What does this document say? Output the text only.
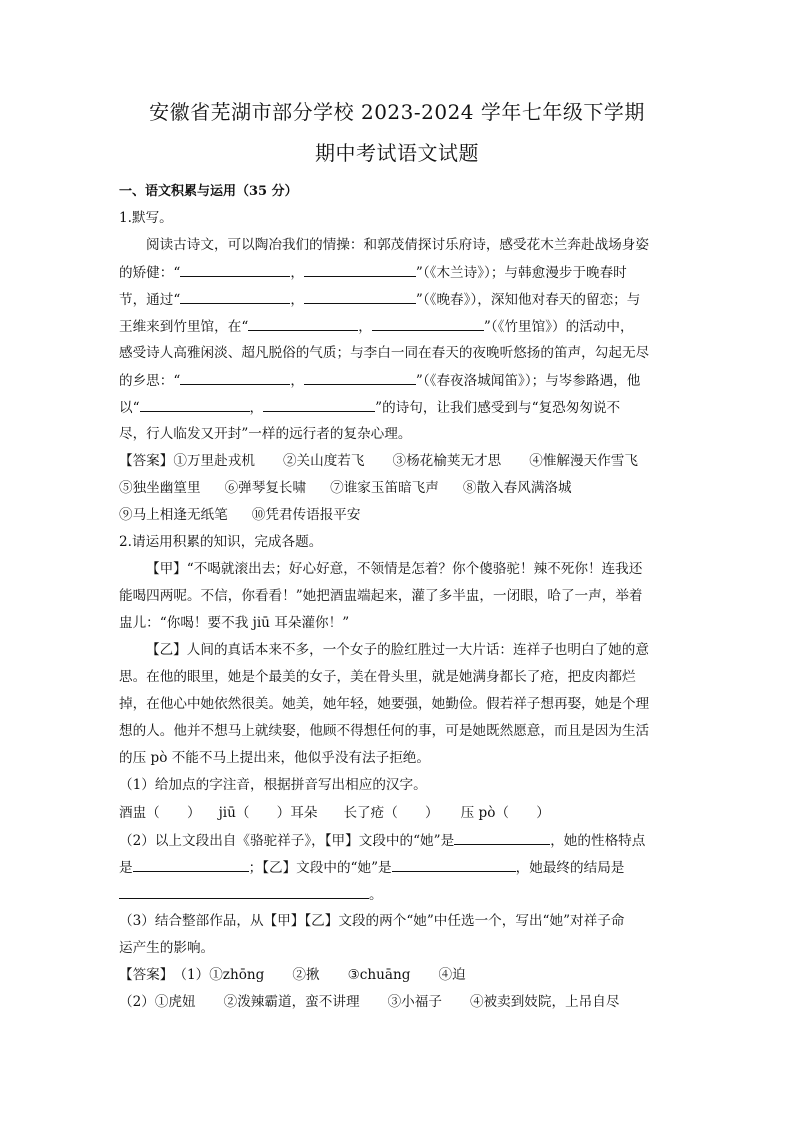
安徽省芜湖市部分学校 2023-2024 学年七年级下学期
期中考试语文试题
一、语文积累与运用（35 分）
1.默写。
阅读古诗文，可以陶冶我们的情操：和郭茂倩探讨乐府诗，感受花木兰奔赴战场身姿
的矫健：“	，	”（《木兰诗》）；与韩愈漫步于晚春时
节，通过“	，	”（《晚春》），深知他对春天的留恋；与
王维来到竹里馆，在“	，	”（《竹里馆》）的活动中，
感受诗人高雅闲淡、超凡脱俗的气质；与李白一同在春天的夜晚听悠扬的笛声，勾起无尽
的乡思：“	，	”（《春夜洛城闻笛》）；与岑参路遇，他
以“	，	”的诗句，让我们感受到与“复恐匆匆说不
尽，行人临发又开封”一样的远行者的复杂心理。
【答案】①万里赴戎机 ②关山度若飞 ③杨花榆荚无才思 ④惟解漫天作雪飞
⑤独坐幽篁里 ⑥弹琴复长啸 ⑦谁家玉笛暗飞声 ⑧散入春风满洛城
⑨马上相逢无纸笔 ⑩凭君传语报平安
2.请运用积累的知识，完成各题。
【甲】“不喝就滚出去；好心好意，不领情是怎着？你个傻骆驼！辣不死你！连我还
能喝四两呢。不信，你看看！”她把酒盅端起来，灌了多半盅，一闭眼，哈了一声，举着
盅儿：“你喝！要不我 jiū 耳朵灌你！”
【乙】人间的真话本来不多，一个女子的脸红胜过一大片话：连祥子也明白了她的意
思。在他的眼里，她是个最美的女子，美在骨头里，就是她满身都长了疮，把皮肉都烂
掉，在他心中她依然很美。她美，她年轻，她要强，她勤俭。假若祥子想再娶，她是个理
想的人。他并不想马上就续娶，他顾不得想任何的事，可是她既然愿意，而且是因为生活
的压 pò 不能不马上提出来，他似乎没有法子拒绝。
（1）给加点的字注音，根据拼音写出相应的汉字。
酒盅（　　） jiū（　　）耳朵 长了疮（　　） 压 pò（　　）
（2）以上文段出自《骆驼祥子》，【甲】文段中的“她”是	，她的性格特点
是	；【乙】文段中的“她”是	，她最终的结局是
。
（3）结合整部作品，从【甲】【乙】文段的两个“她”中任选一个，写出“她”对祥子命
运产生的影响。
【答案】（1）①zhōng ②揪 ③chuāng ④迫
（2）①虎妞 ②泼辣霸道，蛮不讲理 ③小福子 ④被卖到妓院，上吊自尽
